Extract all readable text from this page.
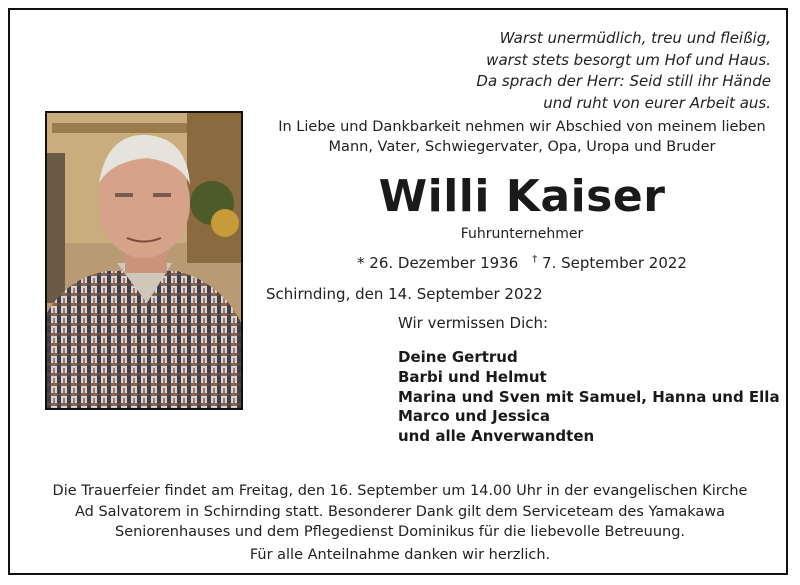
Warst unermüdlich, treu und fleißig,
warst stets besorgt um Hof und Haus.
Da sprach der Herr: Seid still ihr Hände
und ruht von eurer Arbeit aus.
In Liebe und Dankbarkeit nehmen wir Abschied von meinem lieben
Mann, Vater, Schwiegervater, Opa, Uropa und Bruder
Willi Kaiser
Fuhrunternehmer
* 26. Dezember 1936 † 7. September 2022
Schirnding, den 14. September 2022
Wir vermissen Dich:
Deine Gertrud
Barbi und Helmut
Marina und Sven mit Samuel, Hanna und Ella
Marco und Jessica
und alle Anverwandten
Die Trauerfeier findet am Freitag, den 16. September um 14.00 Uhr in der evangelischen Kirche
Ad Salvatorem in Schirnding statt. Besonderer Dank gilt dem Serviceteam des Yamakawa
Seniorenhauses und dem Pflegedienst Dominikus für die liebevolle Betreuung.
Für alle Anteilnahme danken wir herzlich.
